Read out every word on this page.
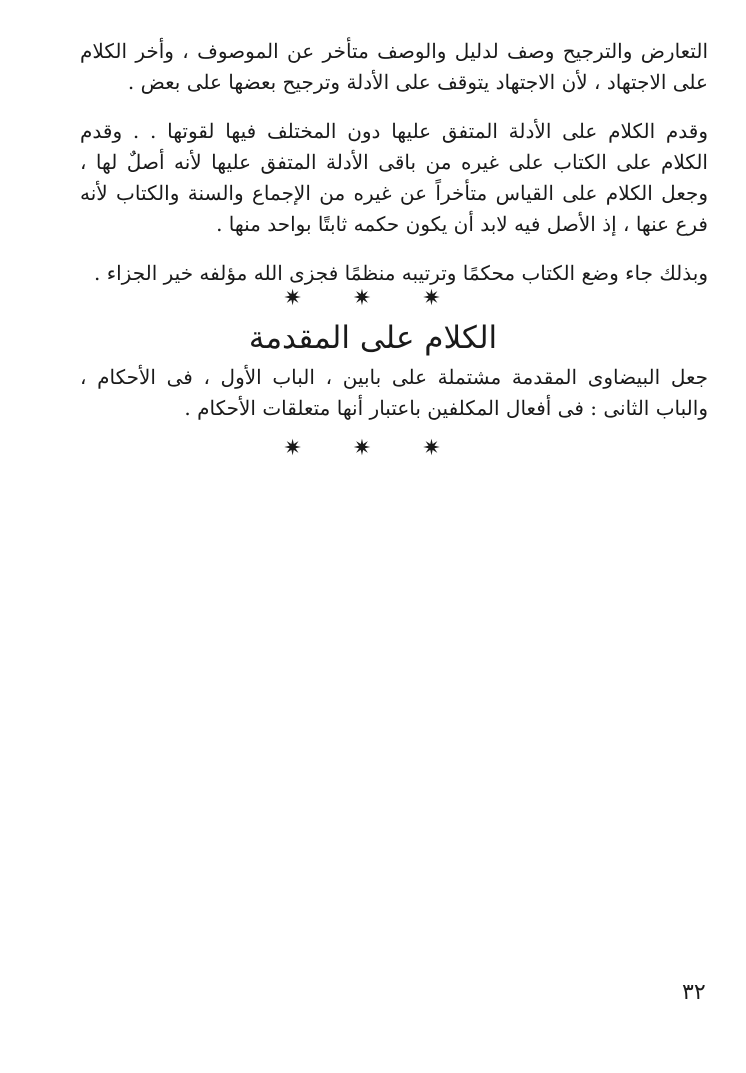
التعارض والترجيح وصف لدليل والوصف متأخر عن الموصوف ، وأخر الكلام على الاجتهاد ، لأن الاجتهاد يتوقف على الأدلة وترجيح بعضها على بعض .

وقدم الكلام على الأدلة المتفق عليها دون المختلف فيها لقوتها . . وقدم الكلام على الكتاب على غيره من باقى الأدلة المتفق عليها لأنه أصلٌ لها ، وجعل الكلام على القياس متأخراً عن غيره من الإجماع والسنة والكتاب لأنه فرع عنها ، إذ الأصل فيه لابد أن يكون حكمه ثابتًا بواحد منها .

وبذلك جاء وضع الكتاب محكمًا وترتيبه منظمًا فجزى الله مؤلفه خير الجزاء .

✷ ✷ ✷
الكلام على المقدمة

جعل البيضاوى المقدمة مشتملة على بابين ، الباب الأول ، فى الأحكام ، والباب الثانى : فى أفعال المكلفين باعتبار أنها متعلقات الأحكام .

✷ ✷ ✷
٣٢
